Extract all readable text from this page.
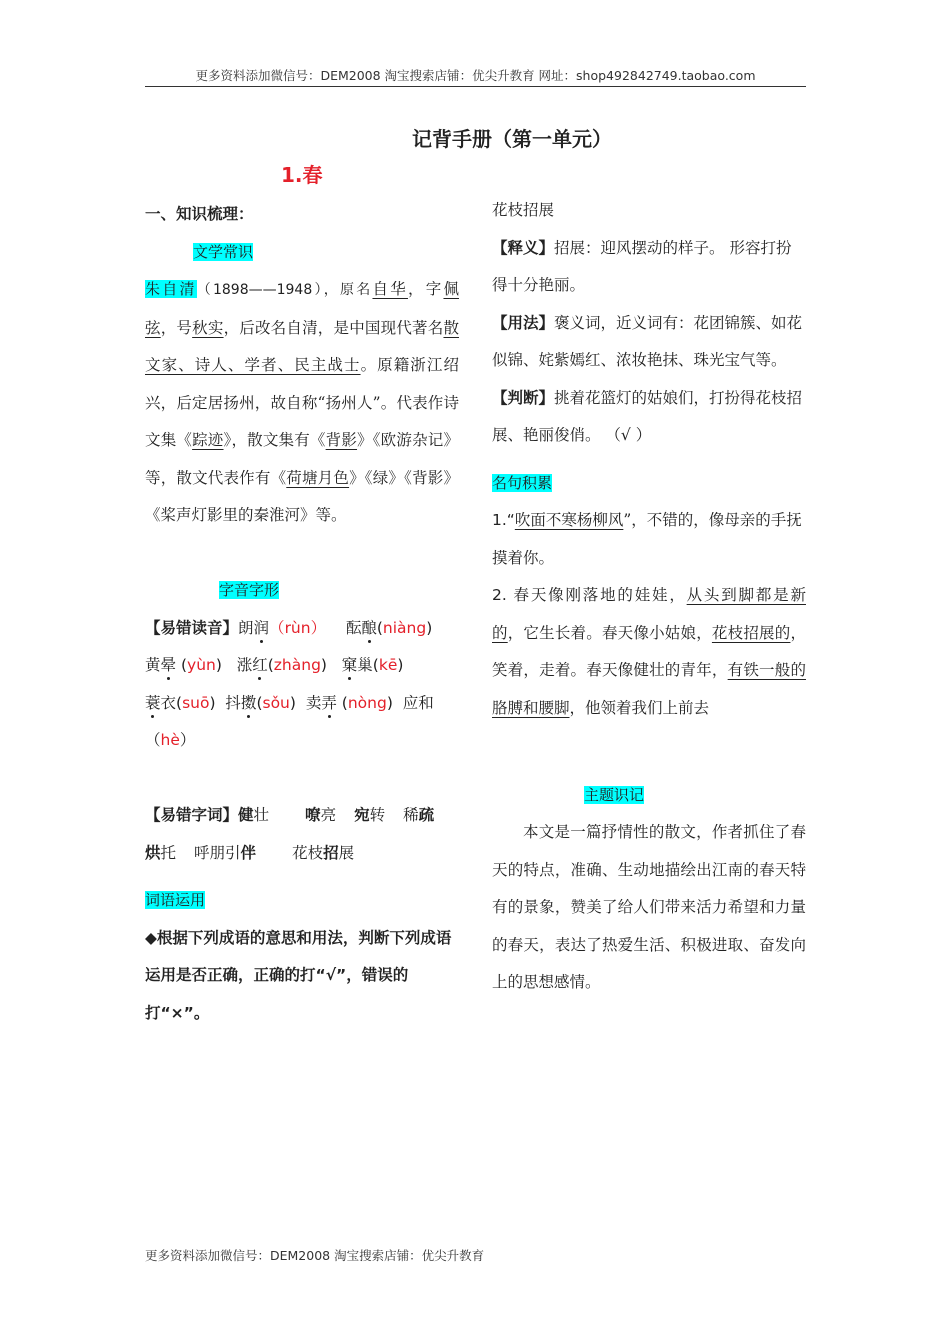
更多资料添加微信号：DEM2008 淘宝搜索店铺：优尖升教育 网址：shop492842749.taobao.com
记背手册（第一单元）
1.春

一、知识梳理：

文学常识

朱自清（1898——1948），原名自华，字佩弦，号秋实，后改名自清，是中国现代著名散文家、诗人、学者、民主战士。原籍浙江绍兴，后定居扬州，故自称“扬州人”。代表作诗文集《踪迹》，散文集有《背影》《欧游杂记》等，散文代表作有《荷塘月色》《绿》《背影》《桨声灯影里的秦淮河》等。

字音字形

【易错读音】朗润（rùn） 酝酿(niàng)
黄晕 (yùn) 涨红(zhàng) 窠巢(kē)
蓑衣(suō) 抖擞(sǒu) 卖弄 (nòng) 应和
（hè）

【易错字词】健壮 嘹亮 宛转 稀疏
烘托 呼朋引伴 花枝招展

词语运用

◆根据下列成语的意思和用法，判断下列成语运用是否正确，正确的打“√”，错误的打“×”。

花枝招展

【释义】招展：迎风摆动的样子。 形容打扮得十分艳丽。

【用法】褒义词，近义词有：花团锦簇、如花似锦、姹紫嫣红、浓妆艳抹、珠光宝气等。

【判断】挑着花篮灯的姑娘们，打扮得花枝招展、艳丽俊俏。 （√ ）

名句积累

1.“吹面不寒杨柳风”，不错的，像母亲的手抚摸着你。

2. 春天像刚落地的娃娃，从头到脚都是新的，它生长着。春天像小姑娘，花枝招展的，笑着，走着。春天像健壮的青年，有铁一般的胳膊和腰脚，他领着我们上前去

主题识记

本文是一篇抒情性的散文，作者抓住了春天的特点，准确、生动地描绘出江南的春天特有的景象，赞美了给人们带来活力希望和力量的春天，表达了热爱生活、积极进取、奋发向上的思想感情。

更多资料添加微信号：DEM2008 淘宝搜索店铺：优尖升教育
